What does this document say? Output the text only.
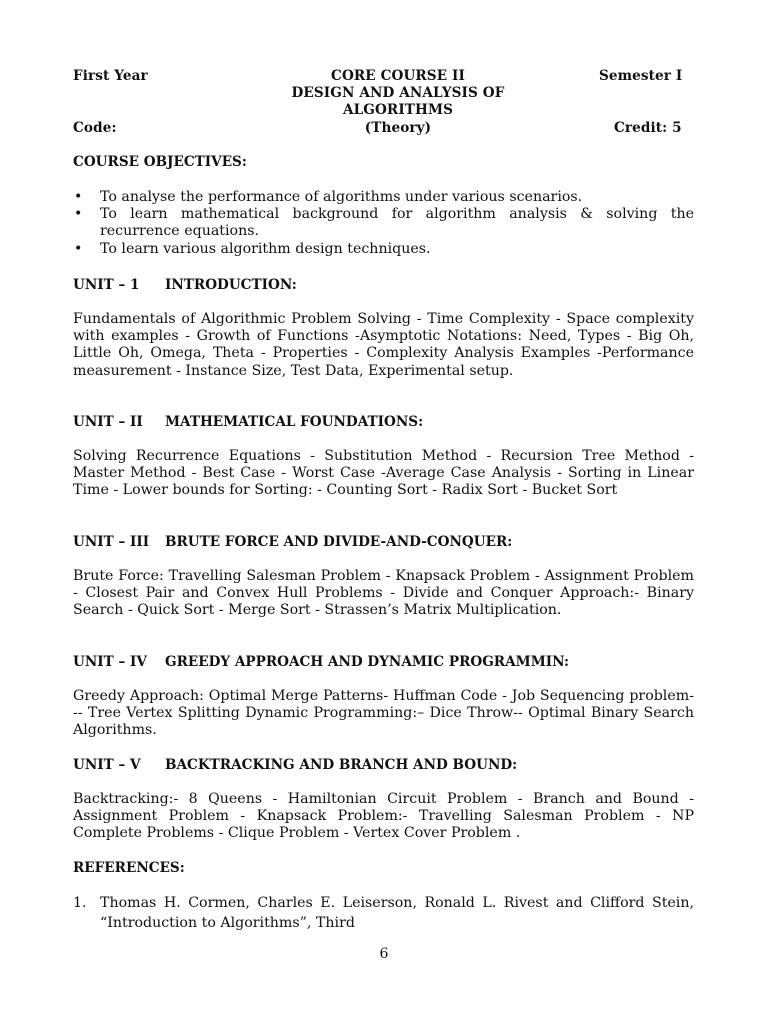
First Year	CORE COURSE II	Semester I
DESIGN AND ANALYSIS OF
ALGORITHMS
Code:	(Theory)	Credit: 5
COURSE OBJECTIVES:
• To analyse the performance of algorithms under various scenarios.
• To learn mathematical background for algorithm analysis & solving the recurrence equations.
• To learn various algorithm design techniques.
UNIT – 1 INTRODUCTION:
Fundamentals of Algorithmic Problem Solving - Time Complexity - Space complexity with examples - Growth of Functions -Asymptotic Notations: Need, Types - Big Oh, Little Oh, Omega, Theta - Properties - Complexity Analysis Examples -Performance measurement - Instance Size, Test Data, Experimental setup.
UNIT – II MATHEMATICAL FOUNDATIONS:
Solving Recurrence Equations - Substitution Method - Recursion Tree Method - Master Method - Best Case - Worst Case -Average Case Analysis - Sorting in Linear Time - Lower bounds for Sorting: - Counting Sort - Radix Sort - Bucket Sort
UNIT – III BRUTE FORCE AND DIVIDE-AND-CONQUER:
Brute Force: Travelling Salesman Problem - Knapsack Problem - Assignment Problem - Closest Pair and Convex Hull Problems - Divide and Conquer Approach:- Binary Search - Quick Sort - Merge Sort - Strassen’s Matrix Multiplication.
UNIT – IV GREEDY APPROACH AND DYNAMIC PROGRAMMIN:
Greedy Approach: Optimal Merge Patterns- Huffman Code - Job Sequencing problem- -- Tree Vertex Splitting Dynamic Programming:– Dice Throw-- Optimal Binary Search Algorithms.
UNIT – V BACKTRACKING AND BRANCH AND BOUND:
Backtracking:- 8 Queens - Hamiltonian Circuit Problem - Branch and Bound - Assignment Problem - Knapsack Problem:- Travelling Salesman Problem - NP Complete Problems - Clique Problem - Vertex Cover Problem .
REFERENCES:
1. Thomas H. Cormen, Charles E. Leiserson, Ronald L. Rivest and Clifford Stein, “Introduction to Algorithms”, Third
6
